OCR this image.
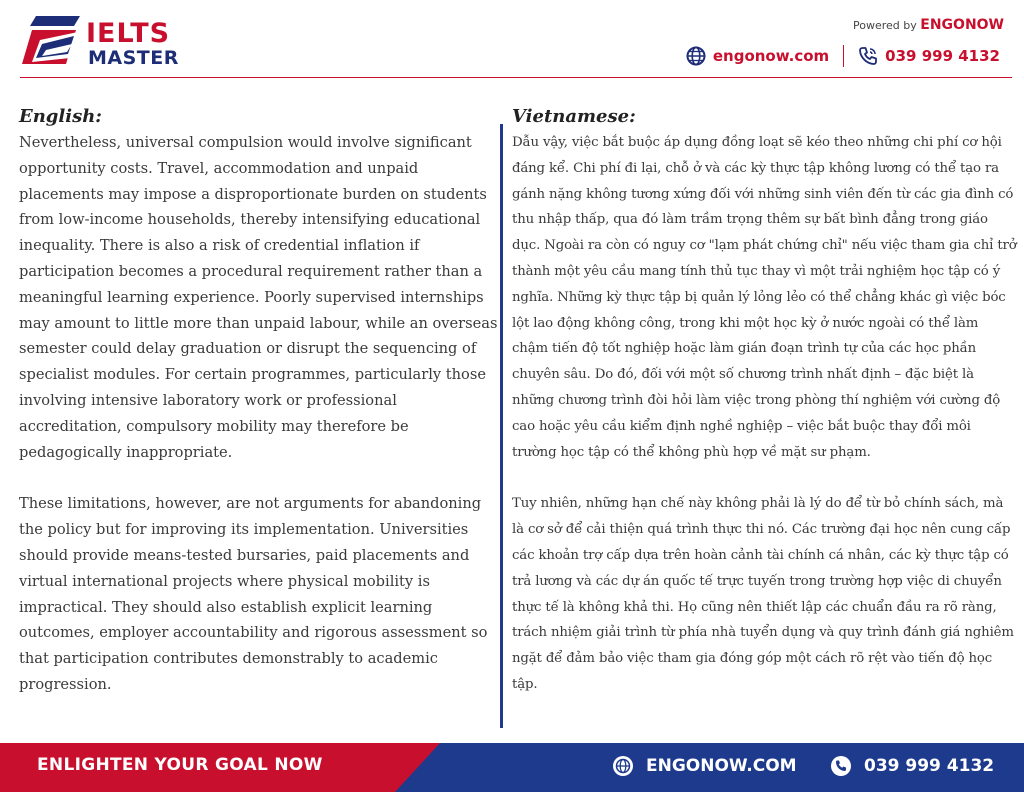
IELTS
MASTER
Powered by ENGONOW
engonow.com	039 999 4132
English:

Nevertheless, universal compulsion would involve significant opportunity costs. Travel, accommodation and unpaid placements may impose a disproportionate burden on students from low-income households, thereby intensifying educational inequality. There is also a risk of credential inflation if participation becomes a procedural requirement rather than a meaningful learning experience. Poorly supervised internships may amount to little more than unpaid labour, while an overseas semester could delay graduation or disrupt the sequencing of specialist modules. For certain programmes, particularly those involving intensive laboratory work or professional accreditation, compulsory mobility may therefore be pedagogically inappropriate.

These limitations, however, are not arguments for abandoning the policy but for improving its implementation. Universities should provide means-tested bursaries, paid placements and virtual international projects where physical mobility is impractical. They should also establish explicit learning outcomes, employer accountability and rigorous assessment so that participation contributes demonstrably to academic progression.

Vietnamese:

Dẫu vậy, việc bắt buộc áp dụng đồng loạt sẽ kéo theo những chi phí cơ hội đáng kể. Chi phí đi lại, chỗ ở và các kỳ thực tập không lương có thể tạo ra gánh nặng không tương xứng đối với những sinh viên đến từ các gia đình có thu nhập thấp, qua đó làm trầm trọng thêm sự bất bình đẳng trong giáo dục. Ngoài ra còn có nguy cơ "lạm phát chứng chỉ" nếu việc tham gia chỉ trở thành một yêu cầu mang tính thủ tục thay vì một trải nghiệm học tập có ý nghĩa. Những kỳ thực tập bị quản lý lỏng lẻo có thể chẳng khác gì việc bóc lột lao động không công, trong khi một học kỳ ở nước ngoài có thể làm chậm tiến độ tốt nghiệp hoặc làm gián đoạn trình tự của các học phần chuyên sâu. Do đó, đối với một số chương trình nhất định – đặc biệt là những chương trình đòi hỏi làm việc trong phòng thí nghiệm với cường độ cao hoặc yêu cầu kiểm định nghề nghiệp – việc bắt buộc thay đổi môi trường học tập có thể không phù hợp về mặt sư phạm.

Tuy nhiên, những hạn chế này không phải là lý do để từ bỏ chính sách, mà là cơ sở để cải thiện quá trình thực thi nó. Các trường đại học nên cung cấp các khoản trợ cấp dựa trên hoàn cảnh tài chính cá nhân, các kỳ thực tập có trả lương và các dự án quốc tế trực tuyến trong trường hợp việc di chuyển thực tế là không khả thi. Họ cũng nên thiết lập các chuẩn đầu ra rõ ràng, trách nhiệm giải trình từ phía nhà tuyển dụng và quy trình đánh giá nghiêm ngặt để đảm bảo việc tham gia đóng góp một cách rõ rệt vào tiến độ học tập.

ENLIGHTEN YOUR GOAL NOW	ENGONOW.COM	039 999 4132
